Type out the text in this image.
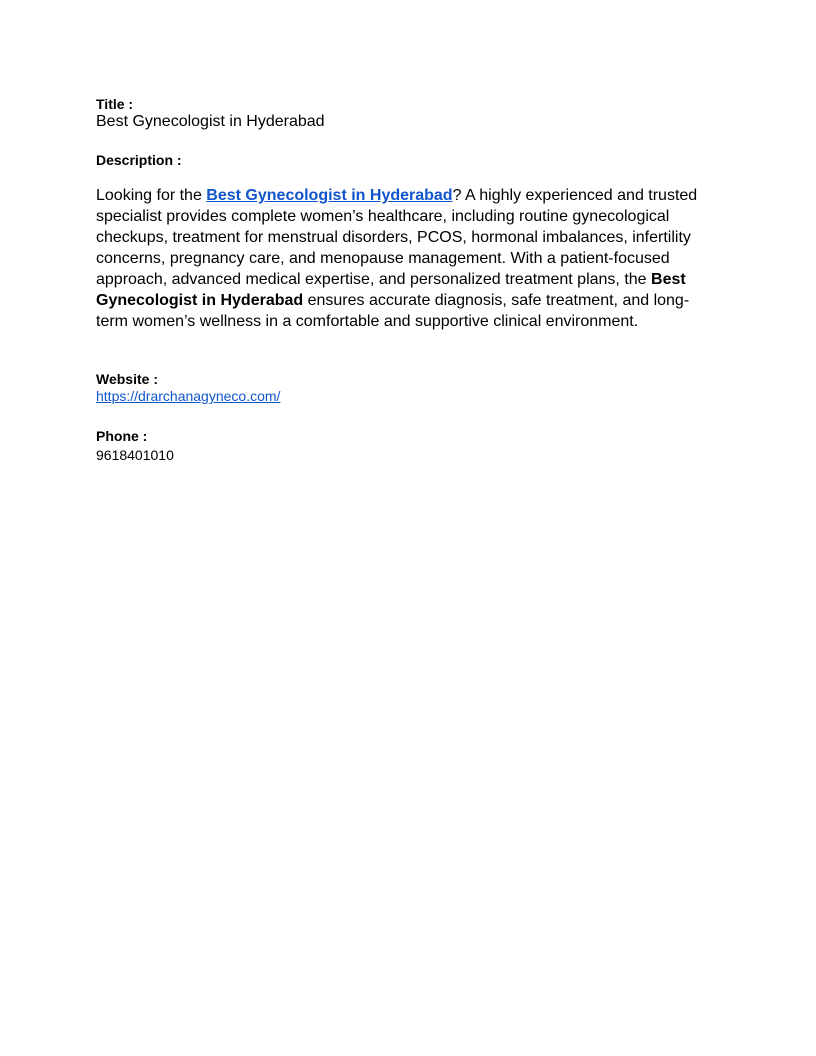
Title :

Best Gynecologist in Hyderabad

Description :

Looking for the Best Gynecologist in Hyderabad? A highly experienced and trusted specialist provides complete women’s healthcare, including routine gynecological checkups, treatment for menstrual disorders, PCOS, hormonal imbalances, infertility concerns, pregnancy care, and menopause management. With a patient-focused approach, advanced medical expertise, and personalized treatment plans, the Best Gynecologist in Hyderabad ensures accurate diagnosis, safe treatment, and long-term women’s wellness in a comfortable and supportive clinical environment.

Website :

https://drarchanagyneco.com/

Phone :

9618401010
